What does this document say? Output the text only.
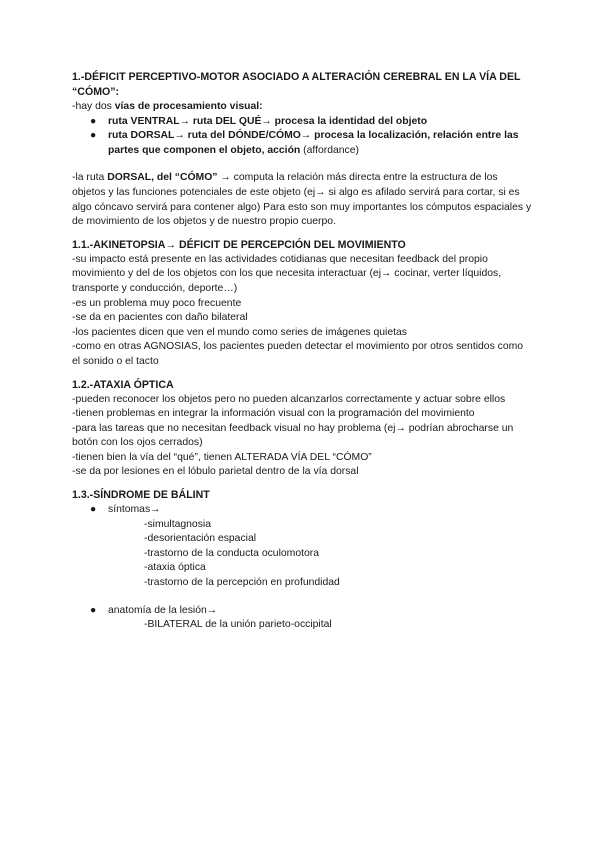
1.-DÉFICIT PERCEPTIVO-MOTOR ASOCIADO A ALTERACIÓN CEREBRAL EN LA VÍA DEL “CÓMO”:

-hay dos vías de procesamiento visual:

● ruta VENTRAL→ ruta DEL QUÉ→ procesa la identidad del objeto
● ruta DORSAL→ ruta del DÓNDE/CÓMO→ procesa la localización, relación entre las partes que componen el objeto, acción (affordance)

-la ruta DORSAL, del “CÓMO” → computa la relación más directa entre la estructura de los objetos y las funciones potenciales de este objeto (ej→ si algo es afilado servirá para cortar, si es algo cóncavo servirá para contener algo) Para esto son muy importantes los cómputos espaciales y de movimiento de los objetos y de nuestro propio cuerpo.

1.1.-AKINETOPSIA→ DÉFICIT DE PERCEPCIÓN DEL MOVIMIENTO

-su impacto está presente en las actividades cotidianas que necesitan feedback del propio movimiento y del de los objetos con los que necesita interactuar (ej→ cocinar, verter líquidos, transporte y conducción, deporte…)

-es un problema muy poco frecuente

-se da en pacientes con daño bilateral

-los pacientes dicen que ven el mundo como series de imágenes quietas

-como en otras AGNOSIAS, los pacientes pueden detectar el movimiento por otros sentidos como el sonido o el tacto

1.2.-ATAXIA ÓPTICA

-pueden reconocer los objetos pero no pueden alcanzarlos correctamente y actuar sobre ellos

-tienen problemas en integrar la información visual con la programación del movimiento

-para las tareas que no necesitan feedback visual no hay problema (ej→ podrían abrocharse un botón con los ojos cerrados)

-tienen bien la vía del “qué”, tienen ALTERADA VÍA DEL “CÓMO”

-se da por lesiones en el lóbulo parietal dentro de la vía dorsal

1.3.-SÍNDROME DE BÁLINT
● síntomas→

-simultagnosia

-desorientación espacial

-trastorno de la conducta oculomotora

-ataxia óptica

-trastorno de la percepción en profundidad

● anatomía de la lesión→

-BILATERAL de la unión parieto-occipital
